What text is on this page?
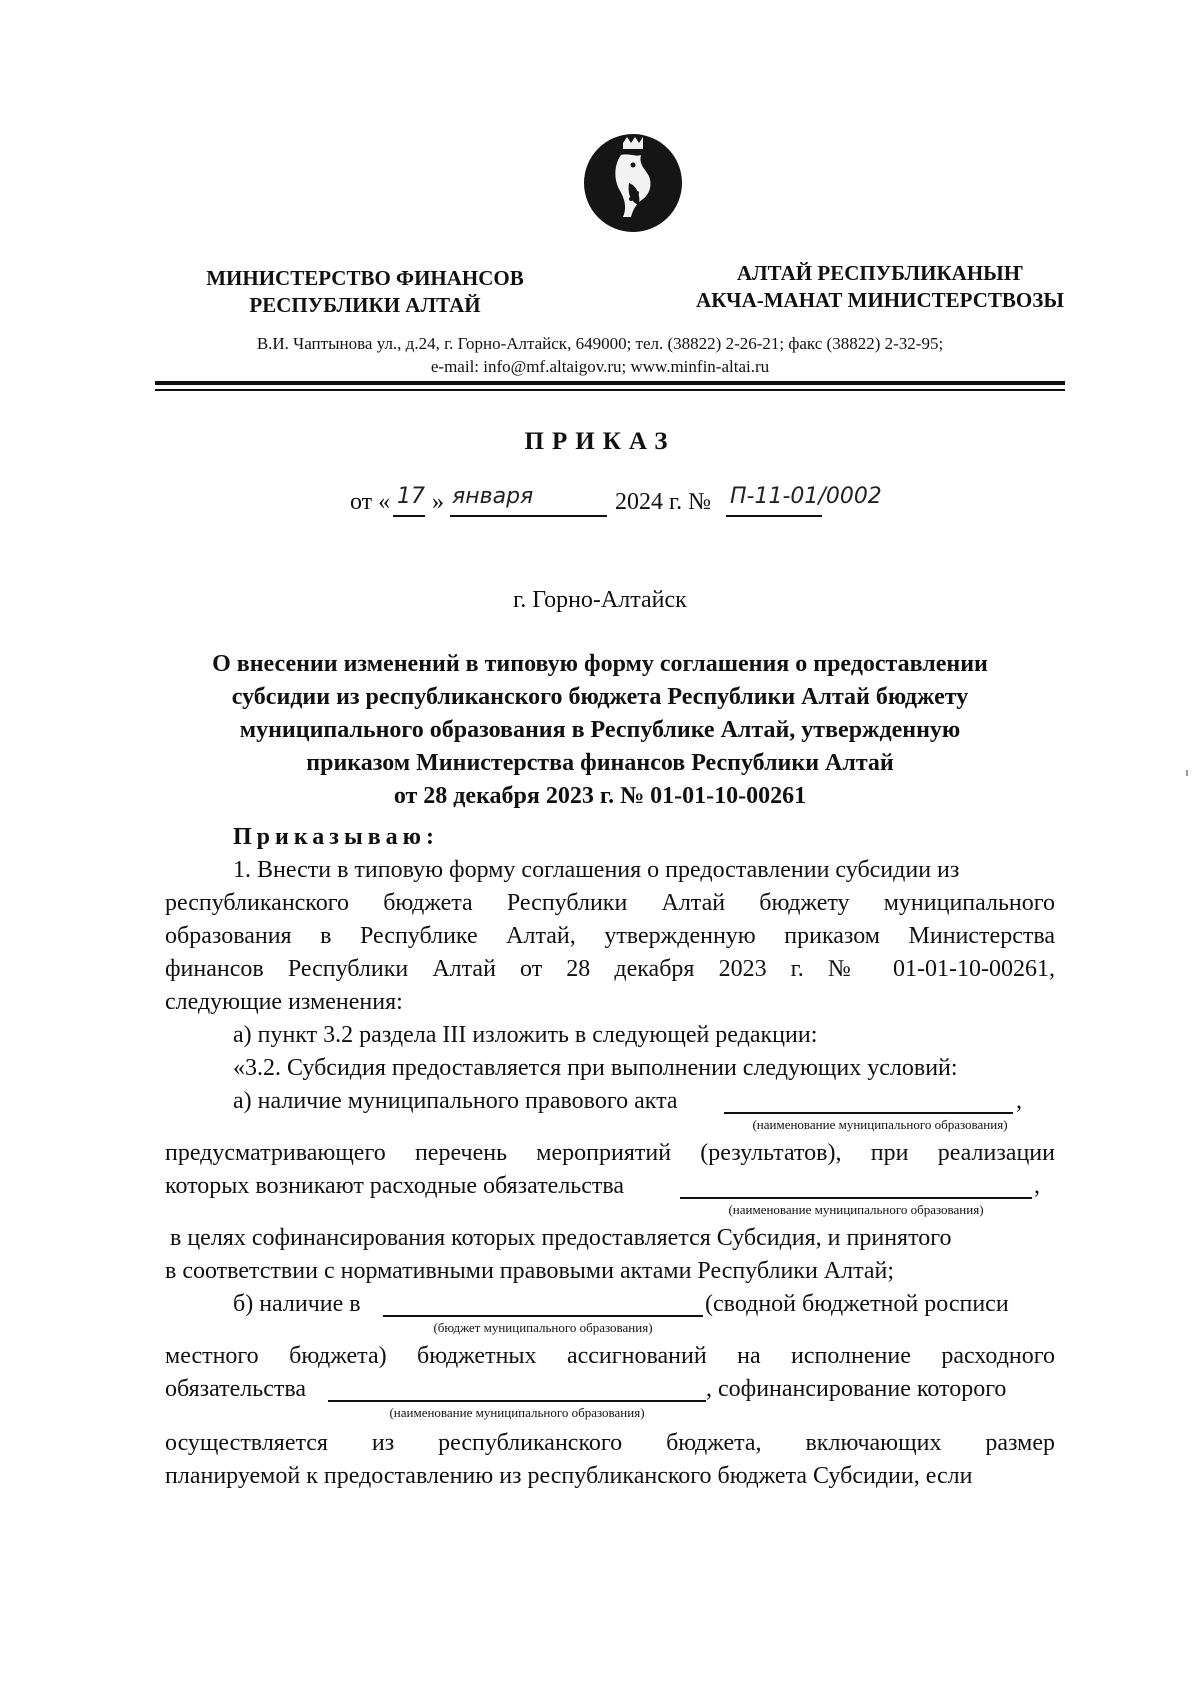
МИНИСТЕРСТВО ФИНАНСОВ
РЕСПУБЛИКИ АЛТАЙ
АЛТАЙ РЕСПУБЛИКАНЫҤ
АКЧА-МАНАТ МИНИСТЕРСТВОЗЫ
В.И. Чаптынова ул., д.24, г. Горно-Алтайск, 649000; тел. (38822) 2-26-21; факс (38822) 2-32-95;
e-mail: info@mf.altaigov.ru; www.minfin-altai.ru
ПРИКАЗ
от « 17 » января	2024 г. № П-11-01/0002
г. Горно-Алтайск
О внесении изменений в типовую форму соглашения о предоставлении
субсидии из республиканского бюджета Республики Алтай бюджету
муниципального образования в Республике Алтай, утвержденную
приказом Министерства финансов Республики Алтай
от 28 декабря 2023 г. № 01-01-10-00261
Приказываю:
1. Внести в типовую форму соглашения о предоставлении субсидии из
республиканского бюджета Республики Алтай бюджету муниципального
образования в Республике Алтай, утвержденную приказом Министерства
финансов Республики Алтай от 28 декабря 2023 г. № 01-01-10-00261,
следующие изменения:
а) пункт 3.2 раздела III изложить в следующей редакции:
«3.2. Субсидия предоставляется при выполнении следующих условий:
а) наличие муниципального правового акта	,
(наименование муниципального образования)
предусматривающего перечень мероприятий (результатов), при реализации
которых возникают расходные обязательства	,
(наименование муниципального образования)
в целях софинансирования которых предоставляется Субсидия, и принятого
в соответствии с нормативными правовыми актами Республики Алтай;
б) наличие в	(сводной бюджетной росписи
(бюджет муниципального образования)
местного бюджета) бюджетных ассигнований на исполнение расходного
обязательства	, софинансирование которого
(наименование муниципального образования)
осуществляется из республиканского бюджета, включающих размер
планируемой к предоставлению из республиканского бюджета Субсидии, если
